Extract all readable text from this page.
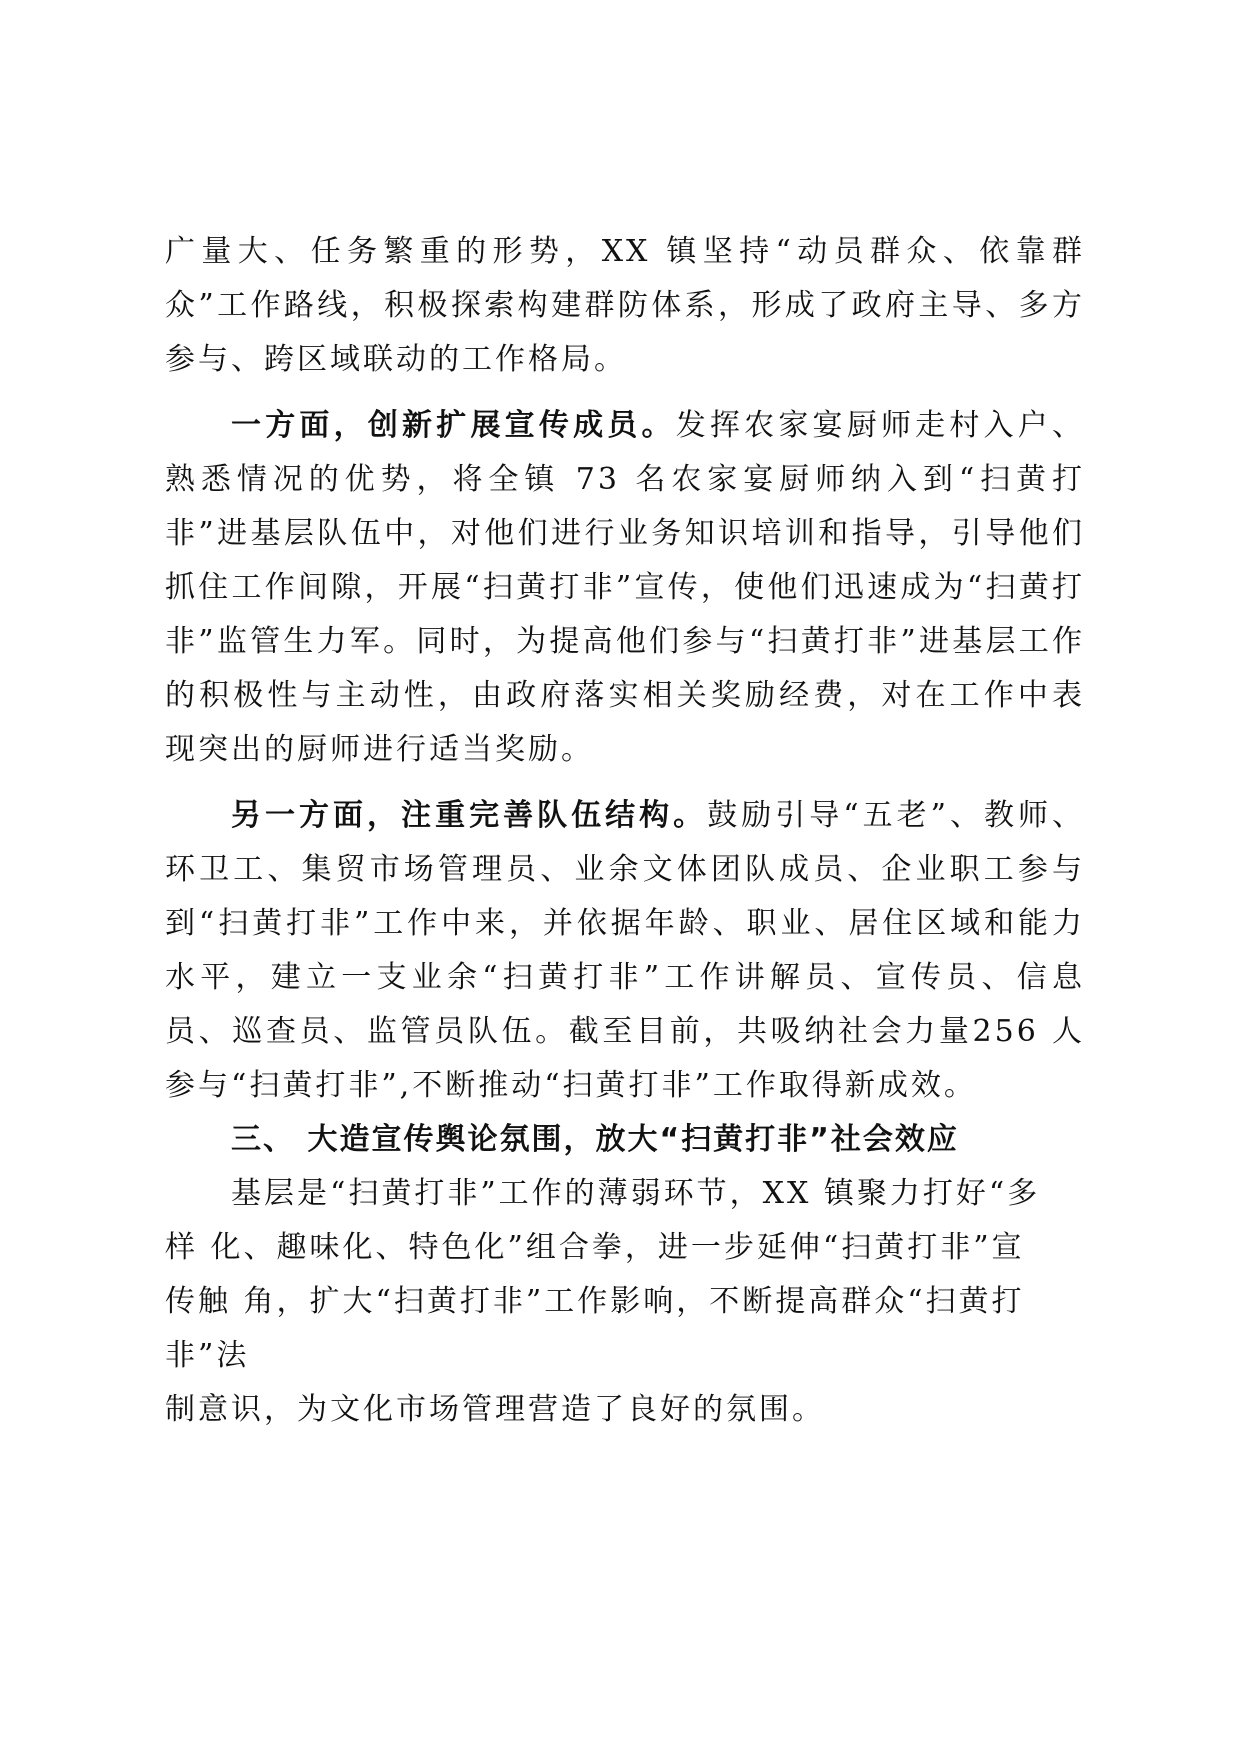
广量大、任务繁重的形势，XX 镇坚持“动员群众、依靠群众”工作路线，积极探索构建群防体系，形成了政府主导、多方参与、跨区域联动的工作格局。

一方面，创新扩展宣传成员。发挥农家宴厨师走村入户、熟悉情况的优势，将全镇 73 名农家宴厨师纳入到“扫黄打非”进基层队伍中，对他们进行业务知识培训和指导，引导他们抓住工作间隙，开展“扫黄打非”宣传，使他们迅速成为“扫黄打非”监管生力军。同时，为提高他们参与“扫黄打非”进基层工作的积极性与主动性，由政府落实相关奖励经费，对在工作中表现突出的厨师进行适当奖励。

另一方面，注重完善队伍结构。鼓励引导“五老”、教师、环卫工、集贸市场管理员、业余文体团队成员、企业职工参与到“扫黄打非”工作中来，并依据年龄、职业、居住区域和能力水平，建立一支业余“扫黄打非”工作讲解员、宣传员、信息员、巡查员、监管员队伍。截至目前，共吸纳社会力量256 人参与“扫黄打非”,不断推动“扫黄打非”工作取得新成效。

三、 大造宣传舆论氛围，放大“扫黄打非”社会效应
基层是“扫黄打非”工作的薄弱环节，XX 镇聚力打好“多
样 化、趣味化、特色化”组合拳，进一步延伸“扫黄打非”宣
传触 角，扩大“扫黄打非”工作影响，不断提高群众“扫黄打
非”法
制意识，为文化市场管理营造了良好的氛围。
